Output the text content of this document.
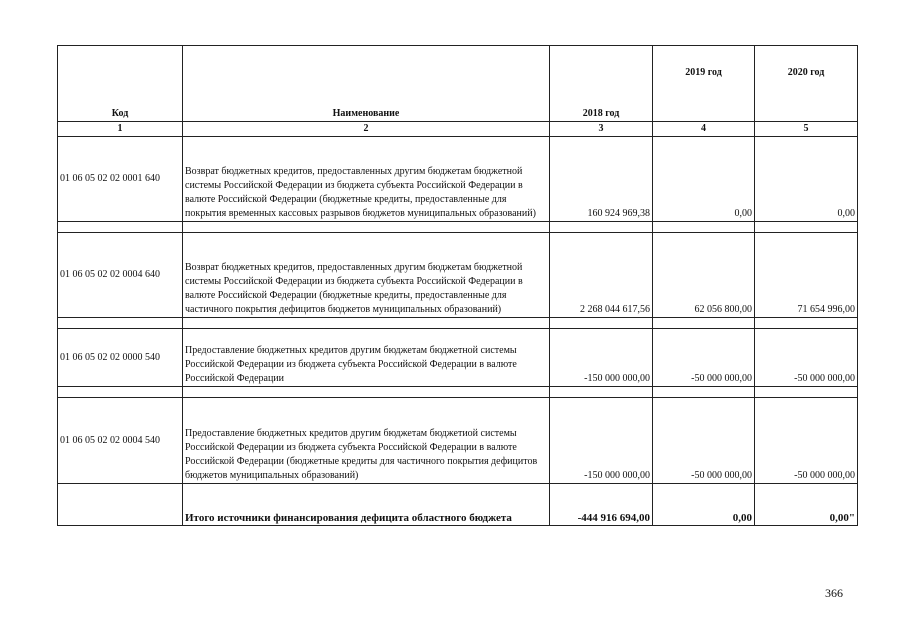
Код	Наименование	2018 год	2019 год	2020 год
1	2	3	4	5
01 06 05 02 02 0001 640	Возврат бюджетных кредитов, предоставленных другим бюджетам бюджетной системы Российской Федерации из бюджета субъекта Российской Федерации в валюте Российской Федерации (бюджетные кредиты, предоставленные для покрытия временных кассовых разрывов бюджетов муниципальных образований)	160 924 969,38	0,00	0,00

01 06 05 02 02 0004 640	Возврат бюджетных кредитов, предоставленных другим бюджетам бюджетной системы Российской Федерации из бюджета субъекта Российской Федерации в валюте Российской Федерации (бюджетные кредиты, предоставленные для частичного покрытия дефицитов бюджетов муниципальных образований)	2 268 044 617,56	62 056 800,00	71 654 996,00

01 06 05 02 02 0000 540	Предоставление бюджетных кредитов другим бюджетам бюджетной системы Российской Федерации из бюджета субъекта Российской Федерации в валюте Российской Федерации	-150 000 000,00	-50 000 000,00	-50 000 000,00

01 06 05 02 02 0004 540	Предоставление бюджетных кредитов другим бюджетам бюджетиой системы Российской Федерации из бюджета субъекта Российской Федерации в валюте Российской Федерации (бюджетные кредиты для частичного покрытия дефицитов бюджетов муниципальных образований)	-150 000 000,00	-50 000 000,00	-50 000 000,00
	Итого источники финансирования дефицита областного бюджета	-444 916 694,00	0,00	0,00"
366
